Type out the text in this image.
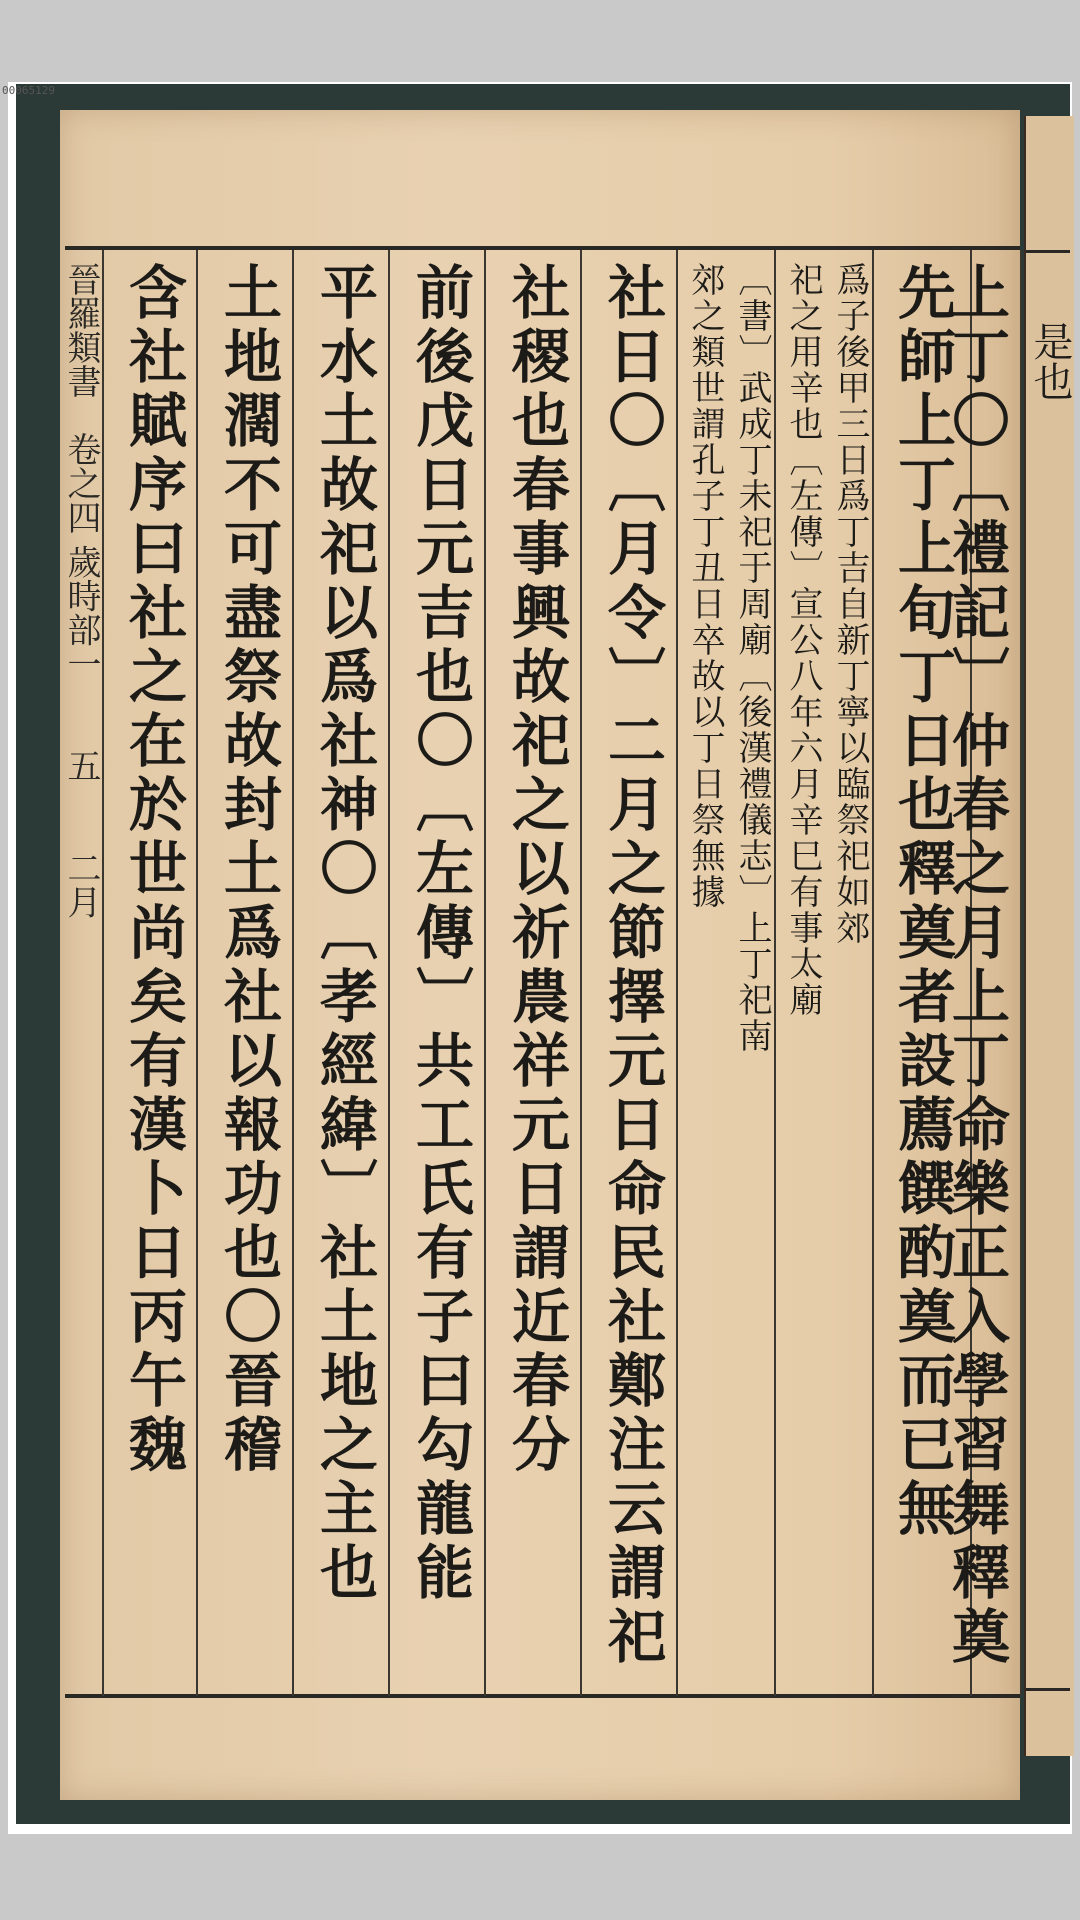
00065129
是也
上丁〇〔禮記〕仲春之月上丁命樂正入學習舞釋奠
先師上丁上旬丁日也釋奠者設薦饌酌奠而已無
爲子後甲三日爲丁吉自新丁寧以臨祭祀如郊
祀之用辛也〔左傳〕宣公八年六月辛巳有事太廟
〔書〕武成丁未祀于周廟〔後漢禮儀志〕上丁祀南
郊之類世謂孔子丁丑日卒故以丁日祭無據
社日〇〔月令〕二月之節擇元日命民社鄭注云謂祀
社稷也春事興故祀之以祈農祥元日謂近春分
前後戊日元吉也〇〔左傳〕共工氏有子曰勾龍能
平水土故祀以爲社神〇〔孝經緯〕社土地之主也
土地濶不可盡祭故封土爲社以報功也〇晉稽
含社賦序曰社之在於世尚矣有漢卜日丙午魏
晉羅類書　卷之四 歲時部一　　五　　二月
